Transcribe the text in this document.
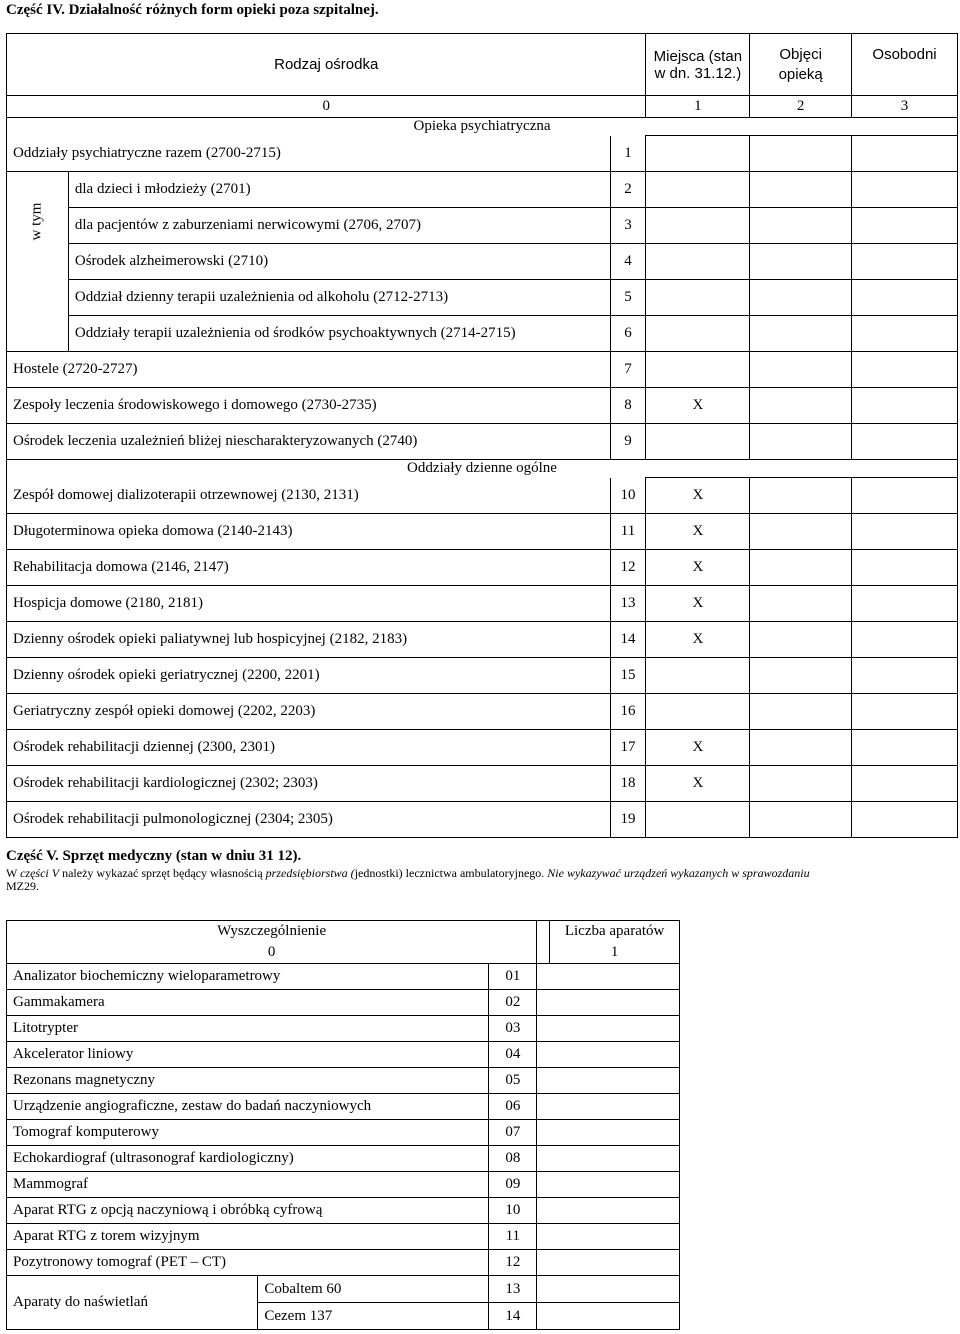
Część IV. Działalność różnych form opieki poza szpitalnej.
Rodzaj ośrodka			Miejsca (stan w dn. 31.12.)	Objęci opieką	Osobodni
0			1	2	3
Opieka psychiatryczna					
Oddziały psychiatryczne razem (2700-2715)		1			
w tym	dla dzieci i młodzieży (2701)	2			
	dla pacjentów z zaburzeniami nerwicowymi (2706, 2707)	3			
	Ośrodek alzheimerowski (2710)	4			
	Oddział dzienny terapii uzależnienia od alkoholu (2712-2713)	5			
	Oddziały terapii uzależnienia od środków psychoaktywnych (2714-2715)	6			
Hostele (2720-2727)		7			
Zespoły leczenia środowiskowego i domowego (2730-2735)		8	X		
Ośrodek leczenia uzależnień bliżej niescharakteryzowanych (2740)		9			
Oddziały dzienne ogólne					
Zespół domowej dializoterapii otrzewnowej (2130, 2131)		10	X		
Długoterminowa opieka domowa (2140-2143)		11	X		
Rehabilitacja domowa (2146, 2147)		12	X		
Hospicja domowe (2180, 2181)		13	X		
Dzienny ośrodek opieki paliatywnej lub hospicyjnej (2182, 2183)		14	X		
Dzienny ośrodek opieki geriatrycznej (2200, 2201)		15			
Geriatryczny zespół opieki domowej (2202, 2203)		16			
Ośrodek rehabilitacji dziennej (2300, 2301)		17	X		
Ośrodek rehabilitacji kardiologicznej (2302; 2303)		18	X		
Ośrodek rehabilitacji pulmonologicznej (2304; 2305)		19			
Część V. Sprzęt medyczny (stan w dniu 31 12).
W części V należy wykazać sprzęt będący własnością przedsiębiorstwa (jednostki) lecznictwa ambulatoryjnego. Nie wykazywać urządzeń wykazanych w sprawozdaniu
MZ29.
Wyszczególnienie				Liczba aparatów
0				1
Analizator biochemiczny wieloparametrowy		01		
Gammakamera		02		
Litotrypter		03		
Akcelerator liniowy		04		
Rezonans magnetyczny		05		
Urządzenie angiograficzne, zestaw do badań naczyniowych		06		
Tomograf komputerowy		07		
Echokardiograf (ultrasonograf kardiologiczny)		08		
Mammograf		09		
Aparat RTG z opcją naczyniową i obróbką cyfrową		10		
Aparat RTG z torem wizyjnym		11		
Pozytronowy tomograf (PET – CT)		12		
Aparaty do naświetlań	Cobaltem 60	13		
	Cezem 137	14		
